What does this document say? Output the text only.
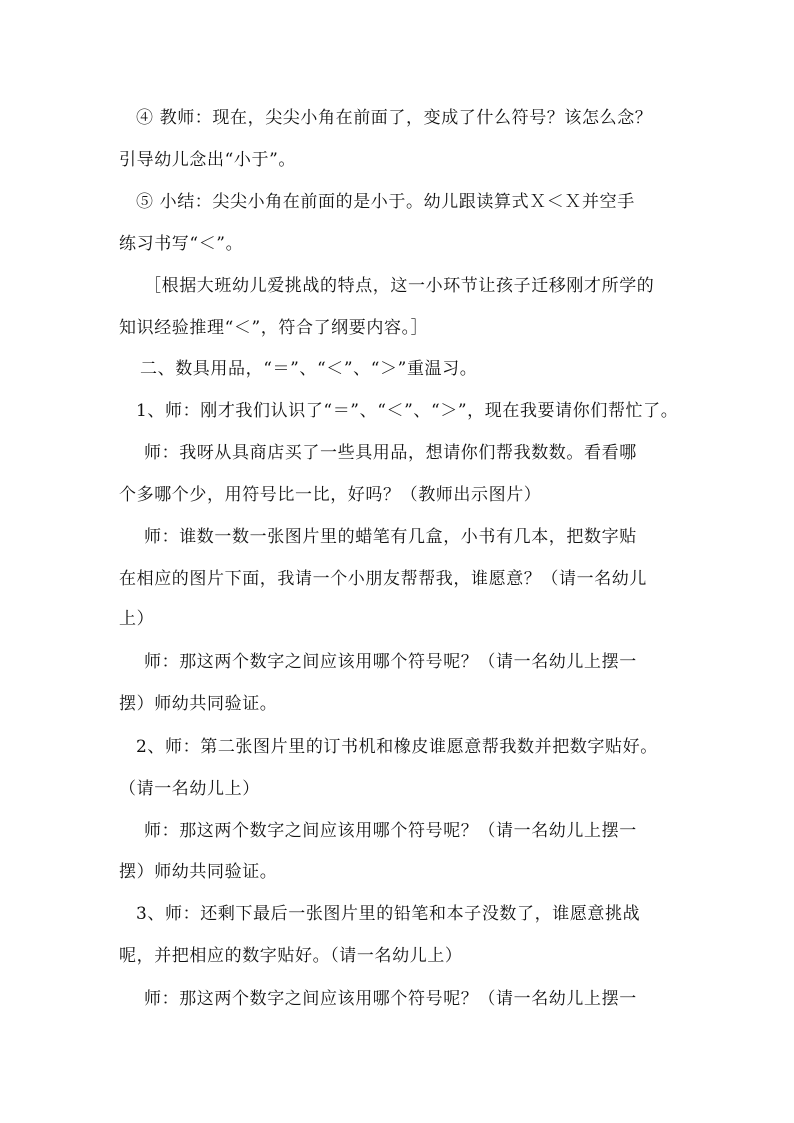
④ 教师：现在，尖尖小角在前面了，变成了什么符号？该怎么念？
引导幼儿念出“小于”。
⑤ 小结：尖尖小角在前面的是小于。幼儿跟读算式Ｘ＜Ｘ并空手
练习书写“＜”。
［根据大班幼儿爱挑战的特点，这一小环节让孩子迁移刚才所学的
知识经验推理“＜”，符合了纲要内容。］
二、数具用品，“＝”、“＜”、“＞”重温习。
1、师：刚才我们认识了“＝”、“＜”、“＞”，现在我要请你们帮忙了。
师：我呀从具商店买了一些具用品，想请你们帮我数数。看看哪
个多哪个少，用符号比一比，好吗？（教师出示图片）
师：谁数一数一张图片里的蜡笔有几盒，小书有几本，把数字贴
在相应的图片下面，我请一个小朋友帮帮我，谁愿意？（请一名幼儿
上）
师：那这两个数字之间应该用哪个符号呢？（请一名幼儿上摆一
摆）师幼共同验证。
2、师：第二张图片里的订书机和橡皮谁愿意帮我数并把数字贴好。
（请一名幼儿上）
师：那这两个数字之间应该用哪个符号呢？（请一名幼儿上摆一
摆）师幼共同验证。
3、师：还剩下最后一张图片里的铅笔和本子没数了，谁愿意挑战
呢，并把相应的数字贴好。（请一名幼儿上）
师：那这两个数字之间应该用哪个符号呢？（请一名幼儿上摆一
